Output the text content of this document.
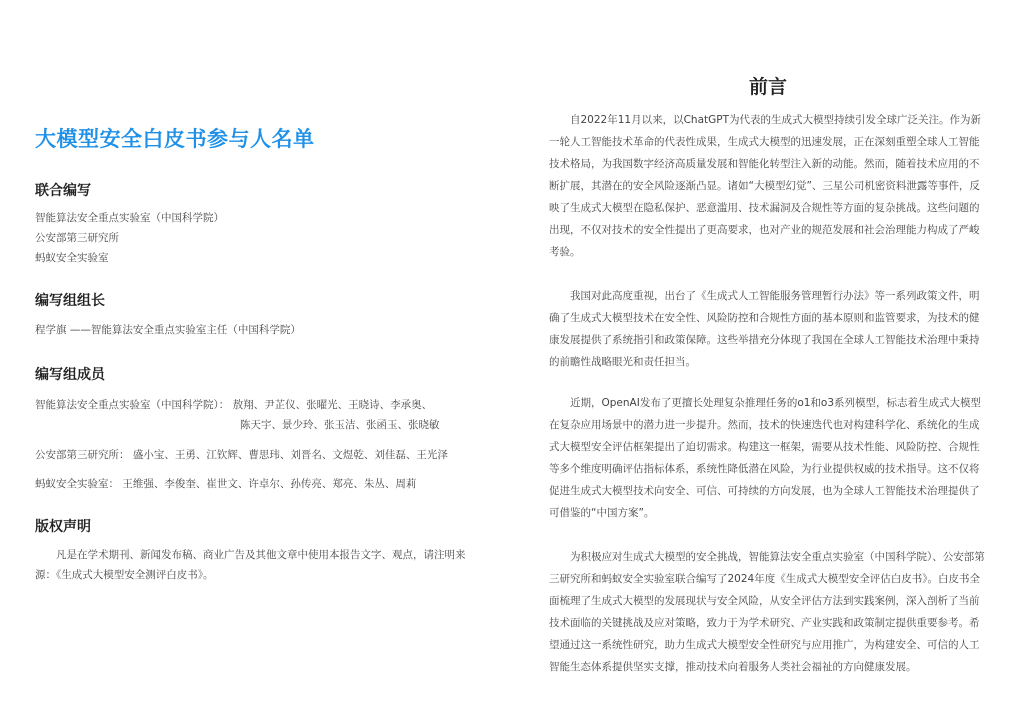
大模型安全白皮书参与人名单
联合编写
智能算法安全重点实验室（中国科学院）
公安部第三研究所
蚂蚁安全实验室
编写组组长
程学旗 ——智能算法安全重点实验室主任（中国科学院）
编写组成员
智能算法安全重点实验室（中国科学院）： 敖翔、尹芷仪、张曜光、王晓诗、李承奥、
陈天宇、景少玲、张玉洁、张函玉、张晓敏
公安部第三研究所： 盛小宝、王勇、江钦辉、曹思玮、刘晋名、文煜乾、刘佳磊、王光泽
蚂蚁安全实验室： 王维强、李俊奎、崔世文、许卓尔、孙传亮、郑亮、朱丛、周莉
版权声明
凡是在学术期刊、新闻发布稿、商业广告及其他文章中使用本报告文字、观点，请注明来源：《生成式大模型安全测评白皮书》。
前言
自2022年11月以来，以ChatGPT为代表的生成式大模型持续引发全球广泛关注。作为新一轮人工智能技术革命的代表性成果，生成式大模型的迅速发展，正在深刻重塑全球人工智能技术格局，为我国数字经济高质量发展和智能化转型注入新的动能。然而，随着技术应用的不断扩展，其潜在的安全风险逐渐凸显。诸如“大模型幻觉”、三星公司机密资料泄露等事件，反映了生成式大模型在隐私保护、恶意滥用、技术漏洞及合规性等方面的复杂挑战。这些问题的出现，不仅对技术的安全性提出了更高要求，也对产业的规范发展和社会治理能力构成了严峻考验。
我国对此高度重视，出台了《生成式人工智能服务管理暂行办法》等一系列政策文件，明确了生成式大模型技术在安全性、风险防控和合规性方面的基本原则和监管要求，为技术的健康发展提供了系统指引和政策保障。这些举措充分体现了我国在全球人工智能技术治理中秉持的前瞻性战略眼光和责任担当。
近期，OpenAI发布了更擅长处理复杂推理任务的o1和o3系列模型，标志着生成式大模型在复杂应用场景中的潜力进一步提升。然而，技术的快速迭代也对构建科学化、系统化的生成式大模型安全评估框架提出了迫切需求。构建这一框架，需要从技术性能、风险防控、合规性等多个维度明确评估指标体系，系统性降低潜在风险，为行业提供权威的技术指导。这不仅将促进生成式大模型技术向安全、可信、可持续的方向发展，也为全球人工智能技术治理提供了可借鉴的“中国方案”。
为积极应对生成式大模型的安全挑战，智能算法安全重点实验室（中国科学院）、公安部第三研究所和蚂蚁安全实验室联合编写了2024年度《生成式大模型安全评估白皮书》。白皮书全面梳理了生成式大模型的发展现状与安全风险，从安全评估方法到实践案例，深入剖析了当前技术面临的关键挑战及应对策略，致力于为学术研究、产业实践和政策制定提供重要参考。希望通过这一系统性研究，助力生成式大模型安全性研究与应用推广，为构建安全、可信的人工智能生态体系提供坚实支撑，推动技术向着服务人类社会福祉的方向健康发展。
